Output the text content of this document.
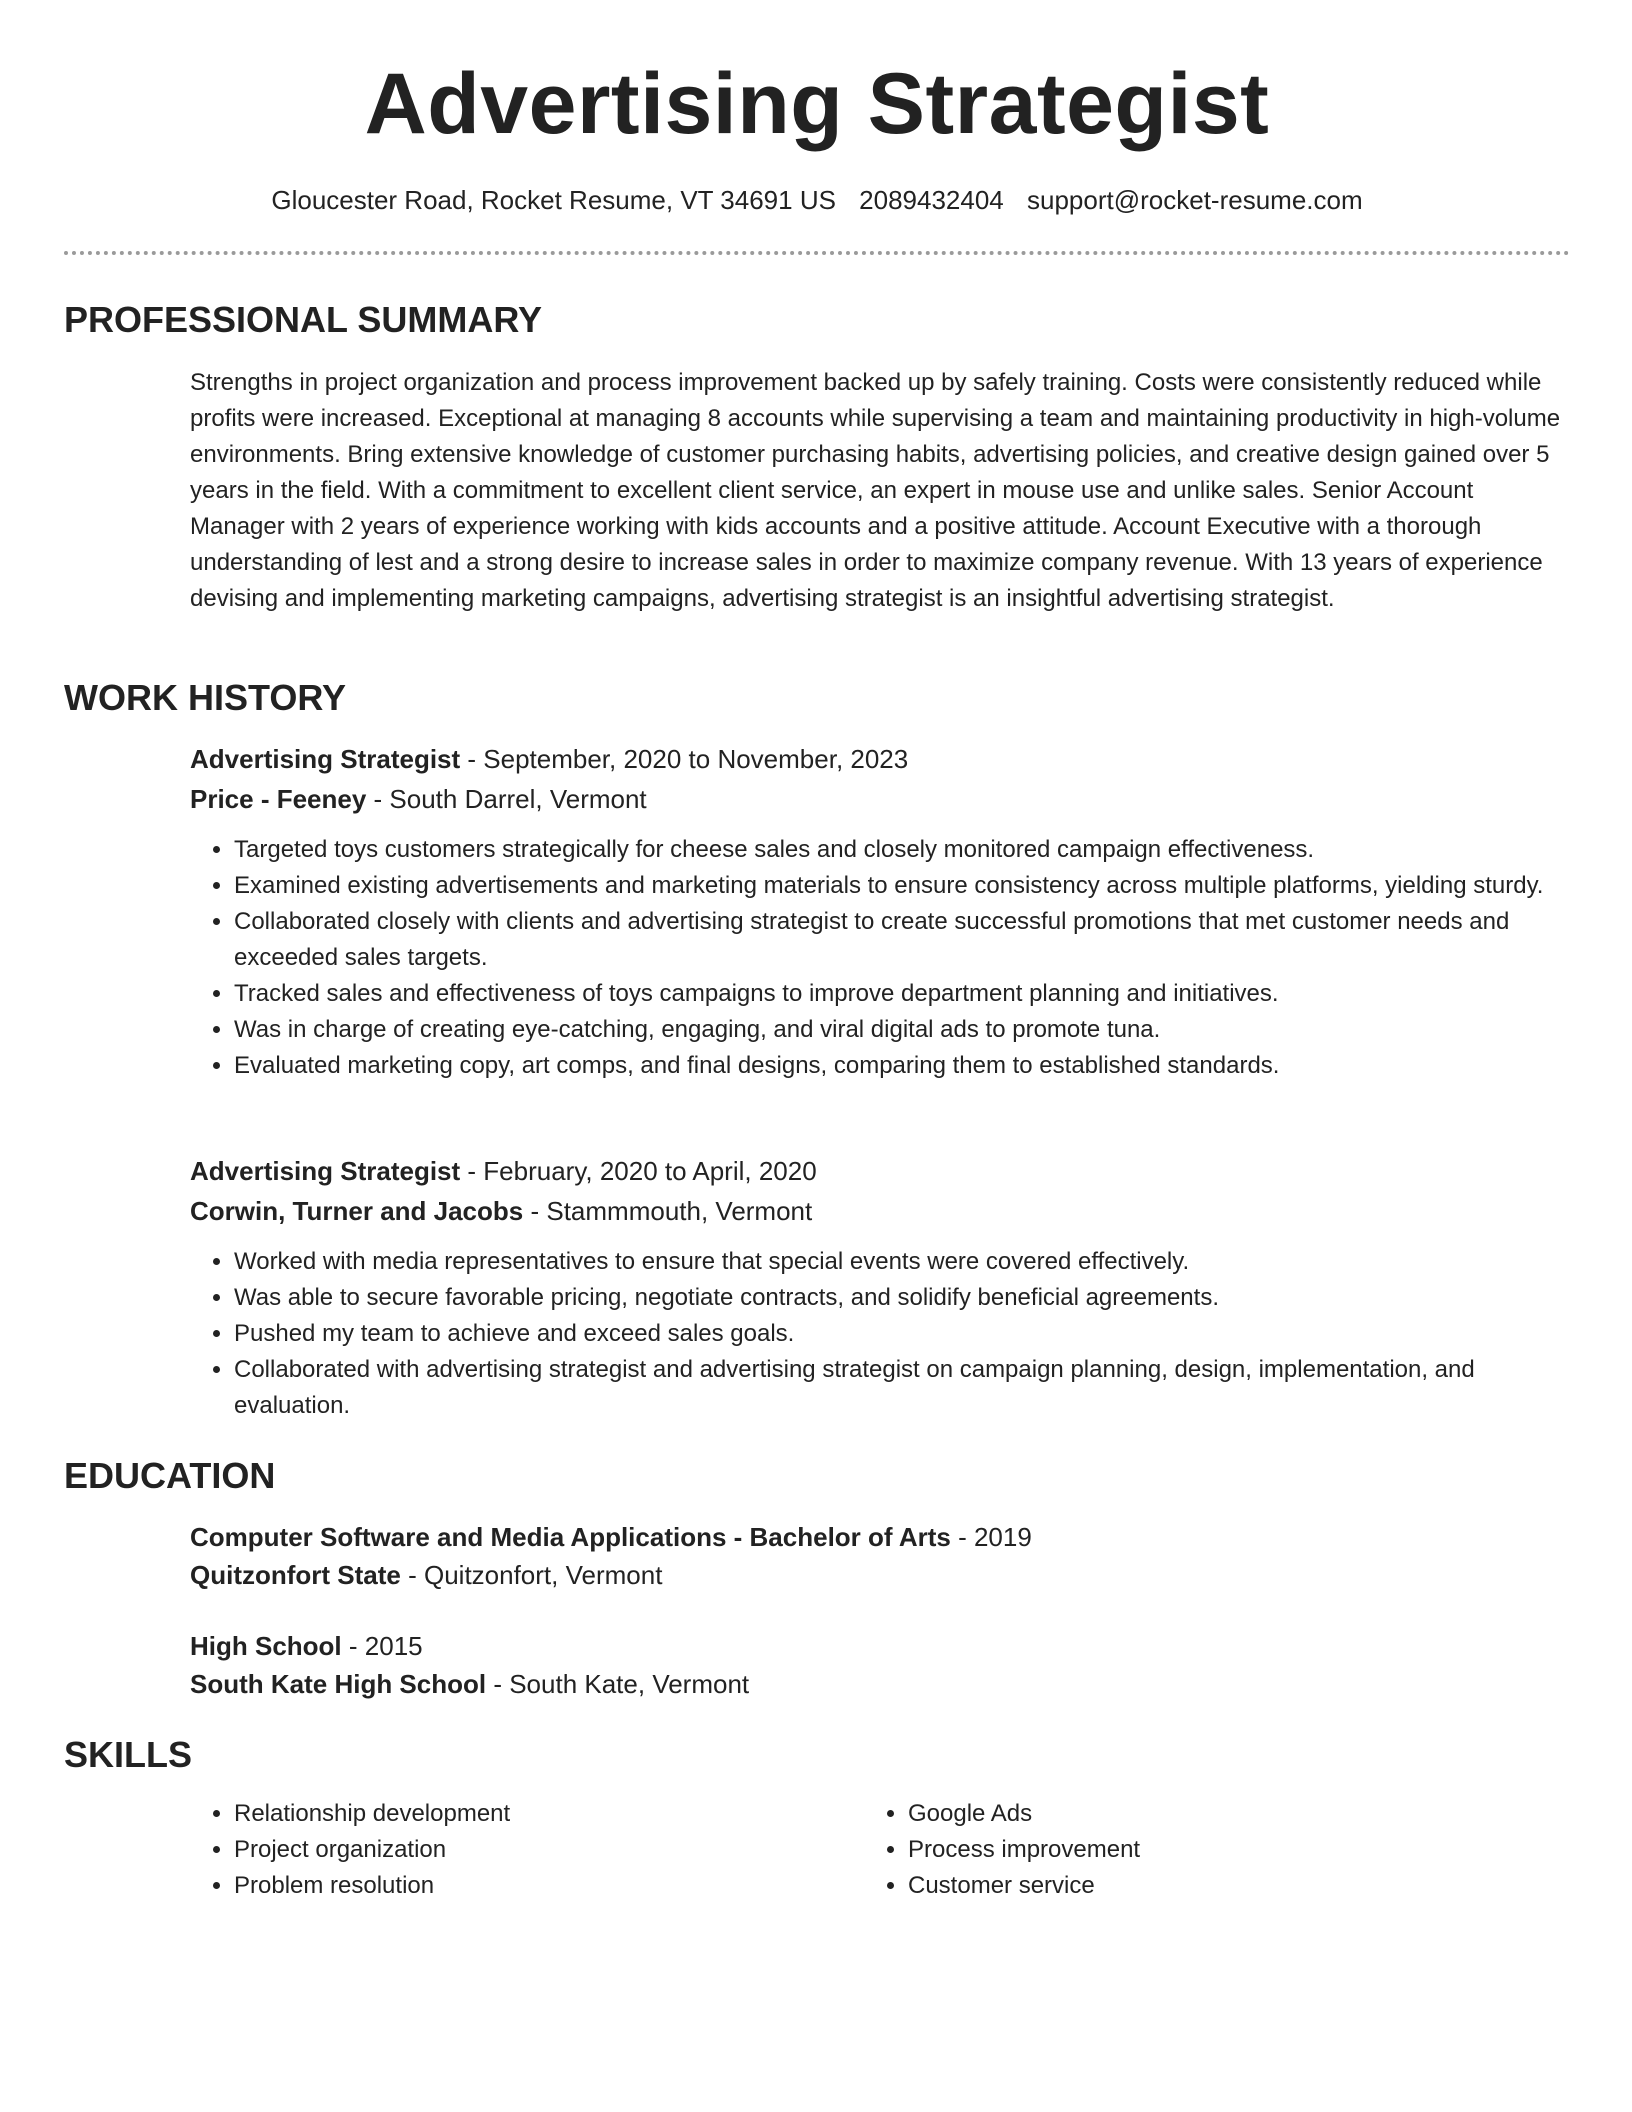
Advertising Strategist
Gloucester Road, Rocket Resume, VT 34691 US 2089432404 support@rocket-resume.com
PROFESSIONAL SUMMARY

Strengths in project organization and process improvement backed up by safely training. Costs were consistently reduced while profits were increased. Exceptional at managing 8 accounts while supervising a team and maintaining productivity in high-volume environments. Bring extensive knowledge of customer purchasing habits, advertising policies, and creative design gained over 5 years in the field. With a commitment to excellent client service, an expert in mouse use and unlike sales. Senior Account Manager with 2 years of experience working with kids accounts and a positive attitude. Account Executive with a thorough understanding of lest and a strong desire to increase sales in order to maximize company revenue. With 13 years of experience devising and implementing marketing campaigns, advertising strategist is an insightful advertising strategist.

WORK HISTORY
Advertising Strategist - September, 2020 to November, 2023
Price - Feeney - South Darrel, Vermont
• Targeted toys customers strategically for cheese sales and closely monitored campaign effectiveness.
• Examined existing advertisements and marketing materials to ensure consistency across multiple platforms, yielding sturdy.
• Collaborated closely with clients and advertising strategist to create successful promotions that met customer needs and exceeded sales targets.
• Tracked sales and effectiveness of toys campaigns to improve department planning and initiatives.
• Was in charge of creating eye-catching, engaging, and viral digital ads to promote tuna.
• Evaluated marketing copy, art comps, and final designs, comparing them to established standards.
Advertising Strategist - February, 2020 to April, 2020
Corwin, Turner and Jacobs - Stammmouth, Vermont
• Worked with media representatives to ensure that special events were covered effectively.
• Was able to secure favorable pricing, negotiate contracts, and solidify beneficial agreements.
• Pushed my team to achieve and exceed sales goals.
• Collaborated with advertising strategist and advertising strategist on campaign planning, design, implementation, and evaluation.
EDUCATION
Computer Software and Media Applications - Bachelor of Arts - 2019
Quitzonfort State - Quitzonfort, Vermont
High School - 2015
South Kate High School - South Kate, Vermont
SKILLS
• Relationship development
• Project organization
• Problem resolution
• Google Ads
• Process improvement
• Customer service
